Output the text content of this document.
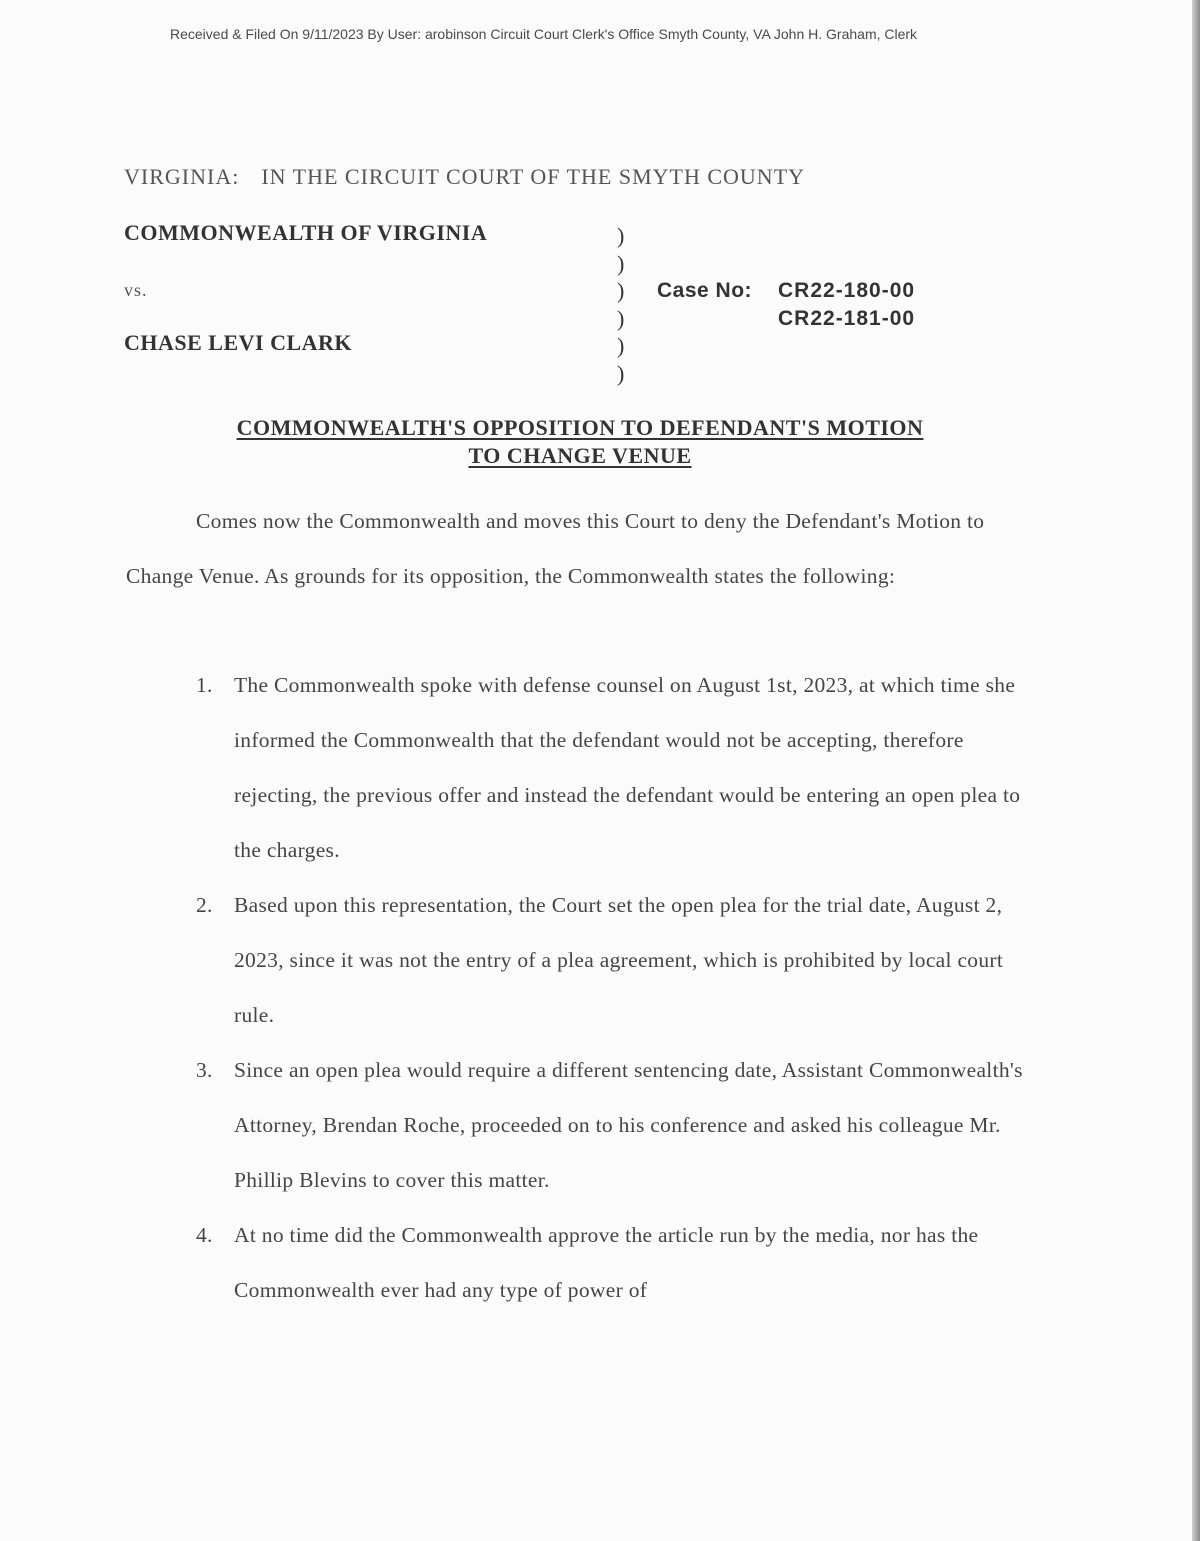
Received & Filed On 9/11/2023 By User: arobinson Circuit Court Clerk's Office Smyth County, VA John H. Graham, Clerk
VIRGINIA: IN THE CIRCUIT COURT OF THE SMYTH COUNTY
COMMONWEALTH OF VIRGINIA
vs.
CHASE LEVI CLARK
)
)
)
)
)
)
Case No: CR22-180-00
CR22-181-00
COMMONWEALTH'S OPPOSITION TO DEFENDANT'S MOTION
TO CHANGE VENUE
Comes now the Commonwealth and moves this Court to deny the Defendant's Motion to Change Venue. As grounds for its opposition, the Commonwealth states the following:
1. The Commonwealth spoke with defense counsel on August 1st, 2023, at which time she informed the Commonwealth that the defendant would not be accepting, therefore rejecting, the previous offer and instead the defendant would be entering an open plea to the charges.
2. Based upon this representation, the Court set the open plea for the trial date, August 2, 2023, since it was not the entry of a plea agreement, which is prohibited by local court rule.
3. Since an open plea would require a different sentencing date, Assistant Commonwealth's Attorney, Brendan Roche, proceeded on to his conference and asked his colleague Mr. Phillip Blevins to cover this matter.
4. At no time did the Commonwealth approve the article run by the media, nor has the Commonwealth ever had any type of power of
